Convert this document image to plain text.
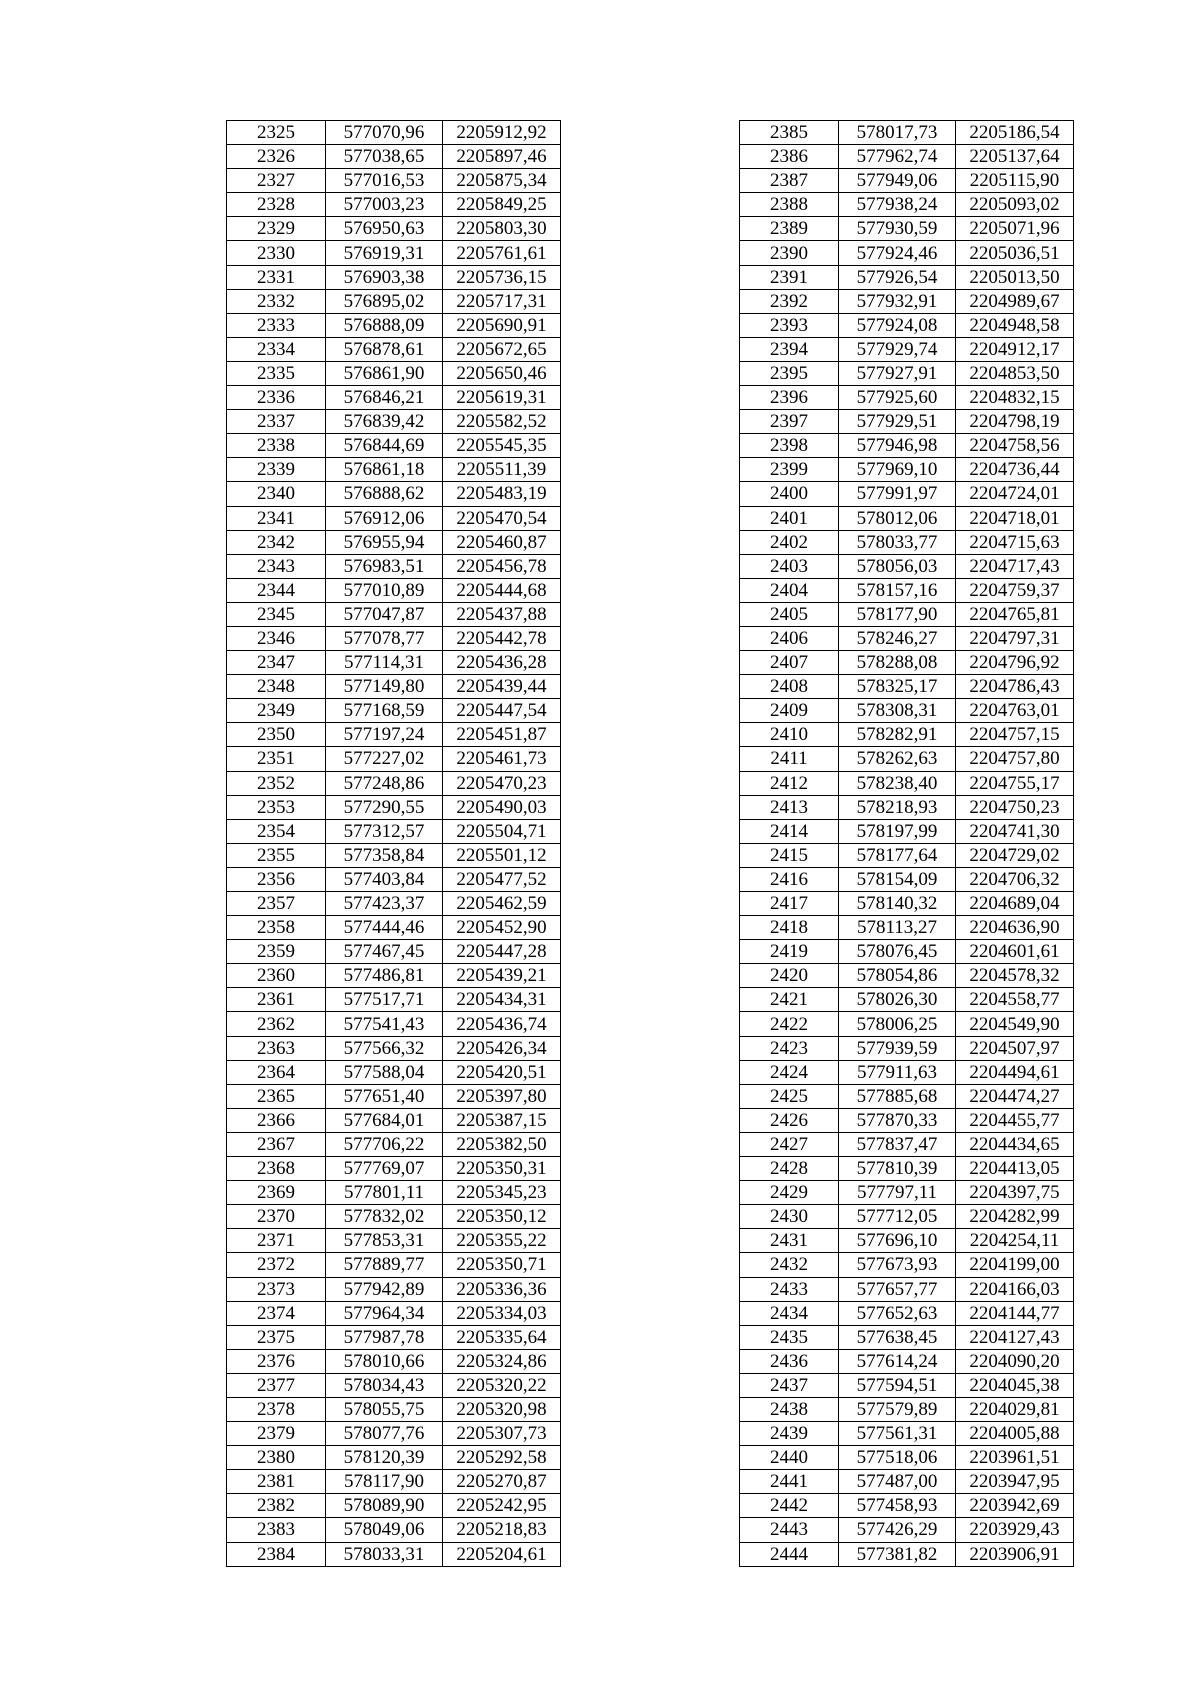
2325	577070,96	2205912,92
2326	577038,65	2205897,46
2327	577016,53	2205875,34
2328	577003,23	2205849,25
2329	576950,63	2205803,30
2330	576919,31	2205761,61
2331	576903,38	2205736,15
2332	576895,02	2205717,31
2333	576888,09	2205690,91
2334	576878,61	2205672,65
2335	576861,90	2205650,46
2336	576846,21	2205619,31
2337	576839,42	2205582,52
2338	576844,69	2205545,35
2339	576861,18	2205511,39
2340	576888,62	2205483,19
2341	576912,06	2205470,54
2342	576955,94	2205460,87
2343	576983,51	2205456,78
2344	577010,89	2205444,68
2345	577047,87	2205437,88
2346	577078,77	2205442,78
2347	577114,31	2205436,28
2348	577149,80	2205439,44
2349	577168,59	2205447,54
2350	577197,24	2205451,87
2351	577227,02	2205461,73
2352	577248,86	2205470,23
2353	577290,55	2205490,03
2354	577312,57	2205504,71
2355	577358,84	2205501,12
2356	577403,84	2205477,52
2357	577423,37	2205462,59
2358	577444,46	2205452,90
2359	577467,45	2205447,28
2360	577486,81	2205439,21
2361	577517,71	2205434,31
2362	577541,43	2205436,74
2363	577566,32	2205426,34
2364	577588,04	2205420,51
2365	577651,40	2205397,80
2366	577684,01	2205387,15
2367	577706,22	2205382,50
2368	577769,07	2205350,31
2369	577801,11	2205345,23
2370	577832,02	2205350,12
2371	577853,31	2205355,22
2372	577889,77	2205350,71
2373	577942,89	2205336,36
2374	577964,34	2205334,03
2375	577987,78	2205335,64
2376	578010,66	2205324,86
2377	578034,43	2205320,22
2378	578055,75	2205320,98
2379	578077,76	2205307,73
2380	578120,39	2205292,58
2381	578117,90	2205270,87
2382	578089,90	2205242,95
2383	578049,06	2205218,83
2384	578033,31	2205204,61
2385	578017,73	2205186,54
2386	577962,74	2205137,64
2387	577949,06	2205115,90
2388	577938,24	2205093,02
2389	577930,59	2205071,96
2390	577924,46	2205036,51
2391	577926,54	2205013,50
2392	577932,91	2204989,67
2393	577924,08	2204948,58
2394	577929,74	2204912,17
2395	577927,91	2204853,50
2396	577925,60	2204832,15
2397	577929,51	2204798,19
2398	577946,98	2204758,56
2399	577969,10	2204736,44
2400	577991,97	2204724,01
2401	578012,06	2204718,01
2402	578033,77	2204715,63
2403	578056,03	2204717,43
2404	578157,16	2204759,37
2405	578177,90	2204765,81
2406	578246,27	2204797,31
2407	578288,08	2204796,92
2408	578325,17	2204786,43
2409	578308,31	2204763,01
2410	578282,91	2204757,15
2411	578262,63	2204757,80
2412	578238,40	2204755,17
2413	578218,93	2204750,23
2414	578197,99	2204741,30
2415	578177,64	2204729,02
2416	578154,09	2204706,32
2417	578140,32	2204689,04
2418	578113,27	2204636,90
2419	578076,45	2204601,61
2420	578054,86	2204578,32
2421	578026,30	2204558,77
2422	578006,25	2204549,90
2423	577939,59	2204507,97
2424	577911,63	2204494,61
2425	577885,68	2204474,27
2426	577870,33	2204455,77
2427	577837,47	2204434,65
2428	577810,39	2204413,05
2429	577797,11	2204397,75
2430	577712,05	2204282,99
2431	577696,10	2204254,11
2432	577673,93	2204199,00
2433	577657,77	2204166,03
2434	577652,63	2204144,77
2435	577638,45	2204127,43
2436	577614,24	2204090,20
2437	577594,51	2204045,38
2438	577579,89	2204029,81
2439	577561,31	2204005,88
2440	577518,06	2203961,51
2441	577487,00	2203947,95
2442	577458,93	2203942,69
2443	577426,29	2203929,43
2444	577381,82	2203906,91
